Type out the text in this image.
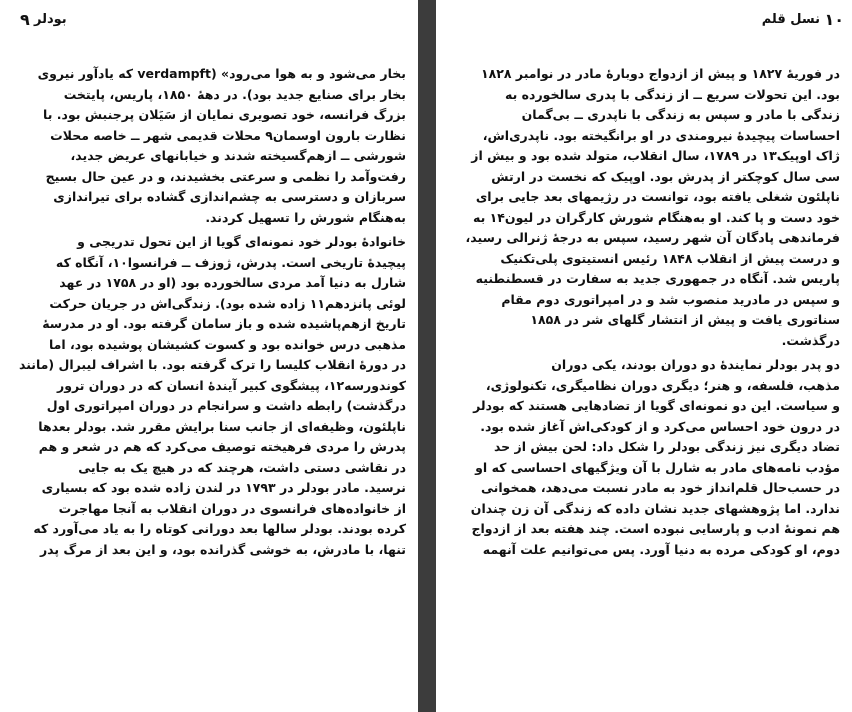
۹ بودلر
بخار می‌شود و به هوا می‌رود» (verdampft که یادآور نیروی
بخار برای صنایع جدید بود). در دههٔ ۱۸۵۰، پاریس، پایتخت
بزرگ فرانسه، خود تصویری نمایان از سَیَلان پرجنبش بود. با
نظارت بارون اوسمان۹ محلات قدیمی شهر ــ خاصه محلات
شورشی ــ ازهم‌گسیخته شدند و خیابانهای عریض جدید،
رفت‌وآمد را نظمی و سرعتی بخشیدند، و در عین حال بسیج
سربازان و دسترسی به چشم‌اندازی گشاده برای تیراندازی
به‌هنگام شورش را تسهیل کردند.
خانوادهٔ بودلر خود نمونه‌ای گویا از این تحول تدریجی و
پیچیدهٔ تاریخی است. پدرش، ژوزف ــ فرانسوا۱۰، آنگاه که
شارل به دنیا آمد مردی سالخورده بود (او در ۱۷۵۸ در عهد
لوئی پانزدهم۱۱ زاده شده بود). زندگی‌اش در جریان حرکت
تاریخ ازهم‌پاشیده شده و باز سامان گرفته بود. او در مدرسهٔ
مذهبی درس خوانده بود و کسوت کشیشان پوشیده بود، اما
در دورهٔ انقلاب کلیسا را ترک گرفته بود. با اشراف لیبرال (مانند
کوندورسه۱۲، پیشگوی کبیر آیندهٔ انسان که در دوران ترور
درگذشت) رابطه داشت و سرانجام در دوران امپراتوری اول
ناپلئون، وظیفه‌ای از جانب سنا برایش مقرر شد. بودلر بعدها
پدرش را مردی فرهیخته توصیف می‌کرد که هم در شعر و هم
در نقاشی دستی داشت، هرچند که در هیچ یک به جایی
نرسید. مادر بودلر در ۱۷۹۳ در لندن زاده شده بود که بسیاری
از خانواده‌های فرانسوی در دوران انقلاب به آنجا مهاجرت
کرده بودند. بودلر سالها بعد دورانی کوتاه را به یاد می‌آورد که
تنها، با مادرش، به خوشی گذرانده بود، و این بعد از مرگ پدر
۱۰
نسل قلم
در فوریهٔ ۱۸۲۷ و پیش از ازدواج دوبارهٔ مادر در نوامبر ۱۸۲۸
بود. این تحولات سریع ــ از زندگی با پدری سالخورده به
زندگی با مادر و سپس به زندگی با ناپدری ــ بی‌گمان
احساسات پیچیدهٔ نیرومندی در او برانگیخته بود. ناپدری‌اش،
ژاک اوپیک۱۳ در ۱۷۸۹، سال انقلاب، متولد شده بود و بیش از
سی سال کوچکتر از پدرش بود. اوپیک که نخست در ارتش
ناپلئون شغلی یافته بود، توانست در رژیمهای بعد جایی برای
خود دست و پا کند. او به‌هنگام شورش کارگران در لیون۱۴ به
فرماندهی پادگان آن شهر رسید، سپس به درجهٔ ژنرالی رسید،
و درست پیش از انقلاب ۱۸۴۸ رئیس انستیتوی پلی‌تکنیک
پاریس شد. آنگاه در جمهوری جدید به سفارت در قسطنطنیه
و سپس در مادرید منصوب شد و در امپراتوری دوم مقام
سناتوری یافت و پیش از انتشار گلهای شر در ۱۸۵۸
درگذشت.
دو پدر بودلر نمایندهٔ دو دوران بودند، یکی دوران
مذهب، فلسفه، و هنر؛ دیگری دوران نظامیگری، تکنولوژی،
و سیاست. این دو نمونه‌ای گویا از تضادهایی هستند که بودلر
در درون خود احساس می‌کرد و از کودکی‌اش آغاز شده بود.
تضاد دیگری نیز زندگی بودلر را شکل داد: لحن بیش از حد
مؤدب نامه‌های مادر به شارل با آن ویژگیهای احساسی که او
در حسب‌حال قلم‌انداز خود به مادر نسبت می‌دهد، همخوانی
ندارد. اما پژوهشهای جدید نشان داده که زندگی آن زن چندان
هم نمونهٔ ادب و پارسایی نبوده است. چند هفته بعد از ازدواج
دوم، او کودکی مرده به دنیا آورد. پس می‌توانیم علت آنهمه
